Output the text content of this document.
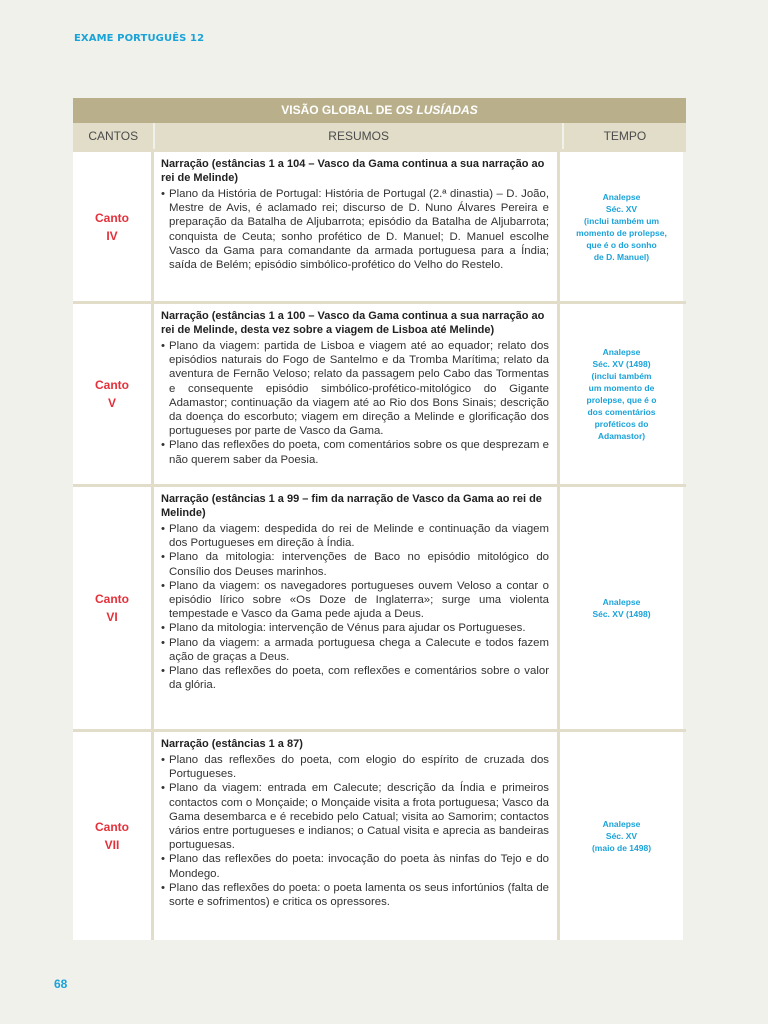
EXAME PORTUGUÊS 12
VISÃO GLOBAL DE OS LUSÍADAS
CANTOS	RESUMOS	TEMPO
Canto
IV
Narração (estâncias 1 a 104 – Vasco da Gama continua a sua narração ao rei de Melinde)
• Plano da História de Portugal: História de Portugal (2.ª dinastia) – D. João, Mestre de Avis, é aclamado rei; discurso de D. Nuno Álvares Pereira e preparação da Batalha de Aljubarrota; episódio da Batalha de Aljubarrota; conquista de Ceuta; sonho profético de D. Manuel; D. Manuel escolhe Vasco da Gama para comandante da armada portuguesa para a Índia; saída de Belém; episódio simbólico-profético do Velho do Restelo.
Analepse
Séc. XV
(inclui também um
momento de prolepse,
que é o do sonho
de D. Manuel)
Canto
V
Narração (estâncias 1 a 100 – Vasco da Gama continua a sua narração ao rei de Melinde, desta vez sobre a viagem de Lisboa até Melinde)
• Plano da viagem: partida de Lisboa e viagem até ao equador; relato dos episódios naturais do Fogo de Santelmo e da Tromba Marítima; relato da aventura de Fernão Veloso; relato da passagem pelo Cabo das Tormentas e consequente episódio simbólico-profético-mitológico do Gigante Adamastor; continuação da viagem até ao Rio dos Bons Sinais; descrição da doença do escorbuto; viagem em direção a Melinde e glorificação dos portugueses por parte de Vasco da Gama.
• Plano das reflexões do poeta, com comentários sobre os que desprezam e não querem saber da Poesia.
Analepse
Séc. XV (1498)
(inclui também
um momento de
prolepse, que é o
dos comentários
proféticos do
Adamastor)
Canto
VI
Narração (estâncias 1 a 99 – fim da narração de Vasco da Gama ao rei de Melinde)
• Plano da viagem: despedida do rei de Melinde e continuação da viagem dos Portugueses em direção à Índia.
• Plano da mitologia: intervenções de Baco no episódio mitológico do Consílio dos Deuses marinhos.
• Plano da viagem: os navegadores portugueses ouvem Veloso a contar o episódio lírico sobre «Os Doze de Inglaterra»; surge uma violenta tempestade e Vasco da Gama pede ajuda a Deus.
• Plano da mitologia: intervenção de Vénus para ajudar os Portugueses.
• Plano da viagem: a armada portuguesa chega a Calecute e todos fazem ação de graças a Deus.
• Plano das reflexões do poeta, com reflexões e comentários sobre o valor da glória.
Analepse
Séc. XV (1498)
Canto
VII
Narração (estâncias 1 a 87)
• Plano das reflexões do poeta, com elogio do espírito de cruzada dos Portugueses.
• Plano da viagem: entrada em Calecute; descrição da Índia e primeiros contactos com o Monçaide; o Monçaide visita a frota portuguesa; Vasco da Gama desembarca e é recebido pelo Catual; visita ao Samorim; contactos vários entre portugueses e indianos; o Catual visita e aprecia as bandeiras portuguesas.
• Plano das reflexões do poeta: invocação do poeta às ninfas do Tejo e do Mondego.
• Plano das reflexões do poeta: o poeta lamenta os seus infortúnios (falta de sorte e sofrimentos) e critica os opressores.
Analepse
Séc. XV
(maio de 1498)
68
